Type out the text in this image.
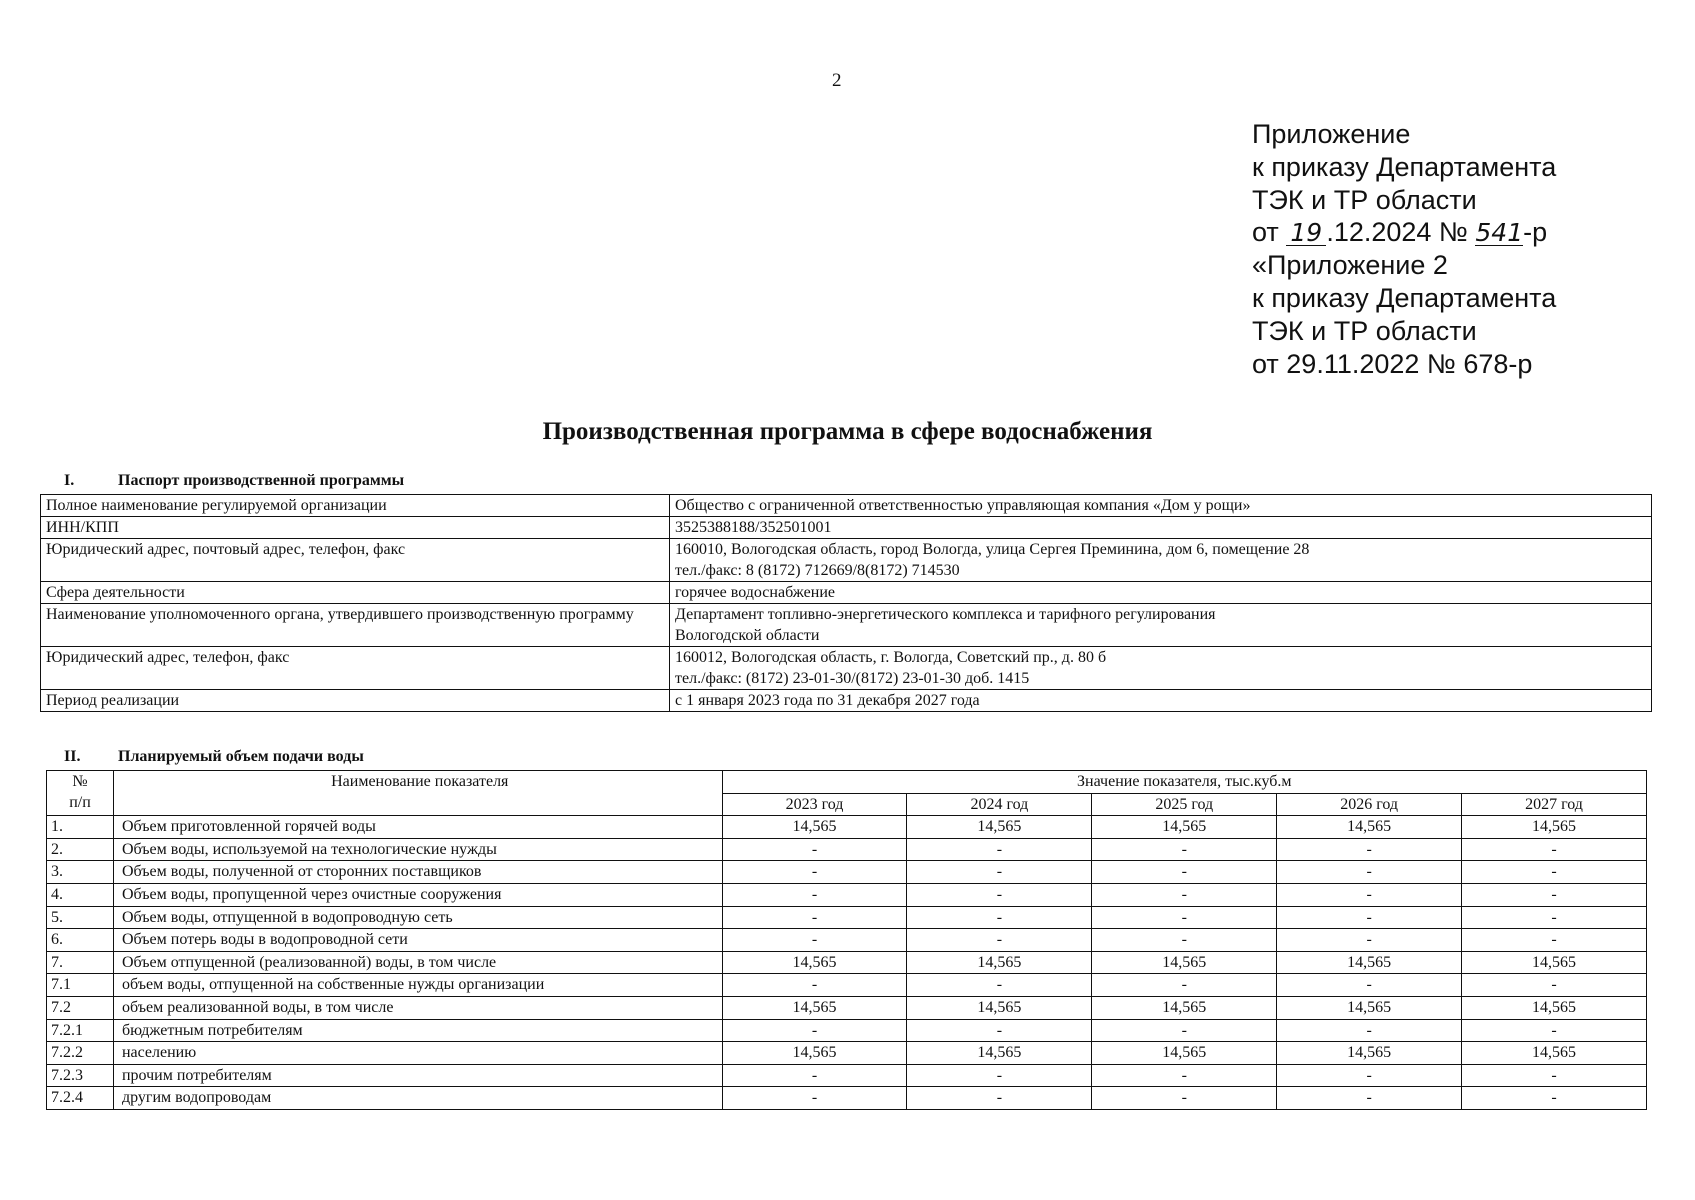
2
Приложение
к приказу Департамента
ТЭК и ТР области
от 19 .12.2024 № 541-р
«Приложение 2
к приказу Департамента
ТЭК и ТР области
от 29.11.2022 № 678-р
Производственная программа в сфере водоснабжения
I.	Паспорт производственной программы
Полное наименование регулируемой организации	Общество с ограниченной ответственностью управляющая компания «Дом у рощи»

ИНН/КПП	3525388188/352501001

Юридический адрес, почтовый адрес, телефон, факс	160010, Вологодская область, город Вологда, улица Сергея Преминина, дом 6, помещение 28
тел./факс: 8 (8172) 712669/8(8172) 714530

Сфера деятельности	горячее водоснабжение

Наименование уполномоченного органа, утвердившего производственную программу	Департамент топливно-энергетического комплекса и тарифного регулирования
Вологодской области

Юридический адрес, телефон, факс	160012, Вологодская область, г. Вологда, Советский пр., д. 80 б
тел./факс: (8172) 23-01-30/(8172) 23-01-30 доб. 1415

Период реализации	с 1 января 2023 года по 31 декабря 2027 года
II. Планируемый объем подачи воды
№
п/п	Наименование показателя	Значение показателя, тыс.куб.м				
		2023 год	2024 год	2025 год	2026 год	2027 год
1.	Объем приготовленной горячей воды	14,565	14,565	14,565	14,565	14,565
2.	Объем воды, используемой на технологические нужды	-	-	-	-	-
3.	Объем воды, полученной от сторонних поставщиков	-	-	-	-	-
4.	Объем воды, пропущенной через очистные сооружения	-	-	-	-	-
5.	Объем воды, отпущенной в водопроводную сеть	-	-	-	-	-
6.	Объем потерь воды в водопроводной сети	-	-	-	-	-
7.	Объем отпущенной (реализованной) воды, в том числе	14,565	14,565	14,565	14,565	14,565
7.1	объем воды, отпущенной на собственные нужды организации	-	-	-	-	-
7.2	объем реализованной воды, в том числе	14,565	14,565	14,565	14,565	14,565
7.2.1	бюджетным потребителям	-	-	-	-	-
7.2.2	населению	14,565	14,565	14,565	14,565	14,565
7.2.3	прочим потребителям	-	-	-	-	-
7.2.4	другим водопроводам	-	-	-	-	-
